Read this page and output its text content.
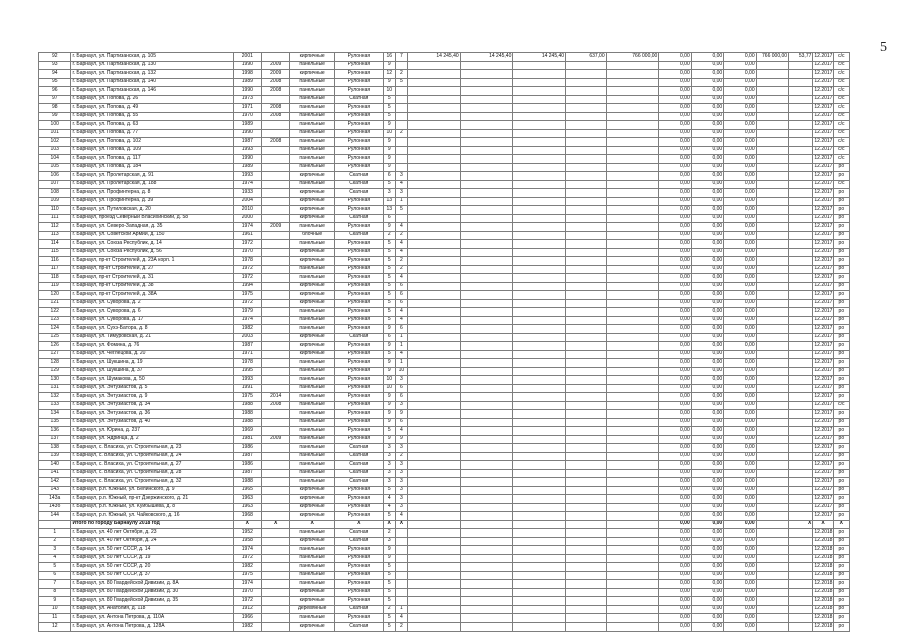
5
92	г. Барнаул, ул. Партизанская, д. 105	2001		кирпичные	Рулонная	16	7	14 245,40	14 245,40	14 245,40	637,00	766 000,00	0,00	0,00	0,00	766 000,00	53,77	12.2017	с/с
93	г. Барнаул, ул. Партизанская, д. 130	1990	2009	панельные	Рулонная	9							0,00	0,00	0,00			12.2017	с/с
94	г. Барнаул, ул. Партизанская, д. 132	1998	2009	кирпичные	Рулонная	12	2						0,00	0,00	0,00			12.2017	с/с
95	г. Барнаул, ул. Партизанская, д. 140	1989	2008	панельные	Рулонная	9	5						0,00	0,00	0,00			12.2017	с/с
96	г. Барнаул, ул. Партизанская, д. 146	1990	2008	панельные	Рулонная	10							0,00	0,00	0,00			12.2017	с/с
97	г. Барнаул, ул. Попова, д. 26	1973		панельные	Скатная	5							0,00	0,00	0,00			12.2017	с/с
98	г. Барнаул, ул. Попова, д. 49	1971	2008	панельные	Рулонная	5							0,00	0,00	0,00			12.2017	с/с
99	г. Барнаул, ул. Попова, д. 55	1970	2008	панельные	Рулонная	5							0,00	0,00	0,00			12.2017	с/с
100	г. Барнаул, ул. Попова, д. 63	1989		панельные	Рулонная	9							0,00	0,00	0,00			12.2017	с/с
101	г. Барнаул, ул. Попова, д. 77	1990		панельные	Рулонная	10	2						0,00	0,00	0,00			12.2017	с/с
102	г. Барнаул, ул. Попова, д. 102	1987	2008	панельные	Рулонная	9							0,00	0,00	0,00			12.2017	с/с
103	г. Барнаул, ул. Попова, д. 109	1993		панельные	Рулонная	9							0,00	0,00	0,00			12.2017	с/с
104	г. Барнаул, ул. Попова, д. 117	1990		панельные	Рулонная	9							0,00	0,00	0,00			12.2017	с/с
105	г. Барнаул, ул. Попова, д. 184	1989		панельные	Рулонная	9							0,00	0,00	0,00			12.2017	ро
106	г. Барнаул, ул. Пролетарская, д. 91	1993		кирпичные	Скатная	6	3						0,00	0,00	0,00			12.2017	ро
107	г. Барнаул, ул. Пролетарская, д. 188	1974		панельные	Скатная	5	4						0,00	0,00	0,00			12.2017	с/с
108	г. Барнаул, ул. Профинтерна, д. 8	1933		кирпичные	Скатная	3	3						0,00	0,00	0,00			12.2017	ро
109	г. Барнаул, ул. Профинтерна, д. 39	2004		кирпичные	Рулонная	13	1						0,00	0,00	0,00			12.2017	ро
110	г. Барнаул, ул. Путиловская, д. 20	2010		кирпичные	Рулонная	13	5						0,00	0,00	0,00			12.2017	ро
111	г. Барнаул, проезд Северный Власихинский, д. 58	2000		кирпичные	Скатная	6							0,00	0,00	0,00			12.2017	ро
112	г. Барнаул, ул. Северо-Западная, д. 35	1974	2009	панельные	Рулонная	9	4						0,00	0,00	0,00			12.2017	ро
113	г. Барнаул, ул. Советской Армии, д. 150	1961		блочные	Скатная	2	2						0,00	0,00	0,00			12.2017	ро
114	г. Барнаул, ул. Союза Республик, д. 14	1972		панельные	Рулонная	5	4						0,00	0,00	0,00			12.2017	ро
115	г. Барнаул, ул. Союза Республик, д. 56	1970		кирпичные	Рулонная	5	4						0,00	0,00	0,00			12.2017	ро
116	г. Барнаул, пр-кт Строителей, д. 23А корп. 1	1978		кирпичные	Рулонная	5	2						0,00	0,00	0,00			12.2017	ро
117	г. Барнаул, пр-кт Строителей, д. 27	1972		панельные	Рулонная	5	2						0,00	0,00	0,00			12.2017	ро
118	г. Барнаул, пр-кт Строителей, д. 31	1972		панельные	Рулонная	5	4						0,00	0,00	0,00			12.2017	ро
119	г. Барнаул, пр-кт Строителей, д. 38	1994		кирпичные	Рулонная	5	6						0,00	0,00	0,00			12.2017	ро
120	г. Барнаул, пр-кт Строителей, д. 38А	1975		кирпичные	Рулонная	5	6						0,00	0,00	0,00			12.2017	ро
121	г. Барнаул, ул. Суворова, д. 2	1972		кирпичные	Рулонная	5	6						0,00	0,00	0,00			12.2017	ро
122	г. Барнаул, ул. Суворова, д. 6	1979		панельные	Рулонная	5	4						0,00	0,00	0,00			12.2017	ро
123	г. Барнаул, ул. Суворова, д. 17	1974		панельные	Рулонная	5	4						0,00	0,00	0,00			12.2017	ро
124	г. Барнаул, ул. Сухэ-Батора, д. 8	1982		панельные	Рулонная	9	6						0,00	0,00	0,00			12.2017	ро
125	г. Барнаул, ул. Тимуровская, д. 21	2003		кирпичные	Скатная	6	1						0,00	0,00	0,00			12.2017	ро
126	г. Барнаул, ул. Фомина, д. 76	1987		кирпичные	Рулонная	9	1						0,00	0,00	0,00			12.2017	ро
127	г. Барнаул, ул. Чеглецова, д. 20	1971		кирпичные	Рулонная	5	4						0,00	0,00	0,00			12.2017	ро
128	г. Барнаул, ул. Шукшина, д. 19	1978		панельные	Рулонная	9	1						0,00	0,00	0,00			12.2017	ро
129	г. Барнаул, ул. Шукшина, д. 37	1995		панельные	Рулонная	9	10						0,00	0,00	0,00			12.2017	ро
130	г. Барнаул, ул. Шумакова, д. 50	1993		панельные	Рулонная	10	3						0,00	0,00	0,00			12.2017	ро
131	г. Барнаул, ул. Энтузиастов, д. 5	1991		панельные	Рулонная	10	6						0,00	0,00	0,00			12.2017	ро
132	г. Барнаул, ул. Энтузиастов, д. 9	1975	2014	панельные	Рулонная	9	6						0,00	0,00	0,00			12.2017	ро
133	г. Барнаул, ул. Энтузиастов, д. 34	1988	2008	панельные	Рулонная	9	3						0,00	0,00	0,00			12.2017	с/с
134	г. Барнаул, ул. Энтузиастов, д. 36	1988		панельные	Рулонная	9	9						0,00	0,00	0,00			12.2017	ро
135	г. Барнаул, ул. Энтузиастов, д. 40	1988		панельные	Рулонная	9	6						0,00	0,00	0,00			12.2017	ро
136	г. Барнаул, ул. Юрина, д. 237	1969		панельные	Рулонная	5	4						0,00	0,00	0,00			12.2017	ро
137	г. Барнаул, ул. Ядринца, д. 2	1981	2009	панельные	Рулонная	9	9						0,00	0,00	0,00			12.2017	ро
138	г. Барнаул, с. Власиха, ул. Строительная, д. 23	1986		панельные	Скатная	3	3						0,00	0,00	0,00			12.2017	ро
139	г. Барнаул, с. Власиха, ул. Строительная, д. 24	1987		панельные	Скатная	3	2						0,00	0,00	0,00			12.2017	ро
140	г. Барнаул, с. Власиха, ул. Строительная, д. 27	1986		панельные	Скатная	3	3						0,00	0,00	0,00			12.2017	ро
141	г. Барнаул, с. Власиха, ул. Строительная, д. 28	1987		панельные	Скатная	3	3						0,00	0,00	0,00			12.2017	ро
142	г. Барнаул, с. Власиха, ул. Строительная, д. 32	1988		панельные	Скатная	3	3						0,00	0,00	0,00			12.2017	ро
143	г. Барнаул, р.п. Южный, ул. Белинского, д. 9	1965		кирпичные	Рулонная	5	3						0,00	0,00	0,00			12.2017	ро
143а	г. Барнаул, р.п. Южный, пр-кт Дзержинского, д. 21	1963		кирпичные	Рулонная	4	3						0,00	0,00	0,00			12.2017	ро
143б	г. Барнаул, р.п. Южный, ул. Куйбышева, д. 8	1963		кирпичные	Рулонная	4	3						0,00	0,00	0,00			12.2017	ро
144	г. Барнаул, р.п. Южный, ул. Чайковского, д. 16	1968		кирпичные	Рулонная	5	4						0,00	0,00	0,00			12.2017	ро
	Итого по городу Барнаулу 2018 год	Х	Х	Х	Х	Х	Х						0,00	0,00	0,00		Х	Х	Х
1	г. Барнаул, ул. 40 лет Октября, д. 23	1952		панельные	Скатная	2							0,00	0,00	0,00			12.2018	ро
2	г. Барнаул, ул. 40 лет Октября, д. 24	1958		кирпичные	Скатная	3							0,00	0,00	0,00			12.2018	ро
3	г. Барнаул, ул. 50 лет СССР, д. 14	1974		панельные	Рулонная	9							0,00	0,00	0,00			12.2018	ро
4	г. Барнаул, ул. 50 лет СССР, д. 19	1972		панельные	Рулонная	9							0,00	0,00	0,00			12.2018	ро
5	г. Барнаул, ул. 50 лет СССР, д. 20	1982		панельные	Рулонная	5							0,00	0,00	0,00			12.2018	ро
6	г. Барнаул, ул. 50 лет СССР, д. 37	1975		панельные	Рулонная	5							0,00	0,00	0,00			12.2018	ро
7	г. Барнаул, ул. 80 Гвардейской Дивизии, д. 8А	1974		панельные	Рулонная	5							0,00	0,00	0,00			12.2018	ро
8	г. Барнаул, ул. 80 Гвардейской Дивизии, д. 30	1970		кирпичные	Рулонная	5							0,00	0,00	0,00			12.2018	ро
9	г. Барнаул, ул. 80 Гвардейской Дивизии, д. 35	1972		кирпичные	Рулонная	5							0,00	0,00	0,00			12.2018	ро
10	г. Барнаул, ул. Анатолия, д. 118	1912		деревянные	Скатная	2	1						0,00	0,00	0,00			12.2018	ро
11	г. Барнаул, ул. Антона Петрова, д. 110А	1966		панельные	Рулонная	5	4						0,00	0,00	0,00			12.2018	ро
12	г. Барнаул, ул. Антона Петрова, д. 128А	1982		кирпичные	Скатная	5	2						0,00	0,00	0,00			12.2018	ро
